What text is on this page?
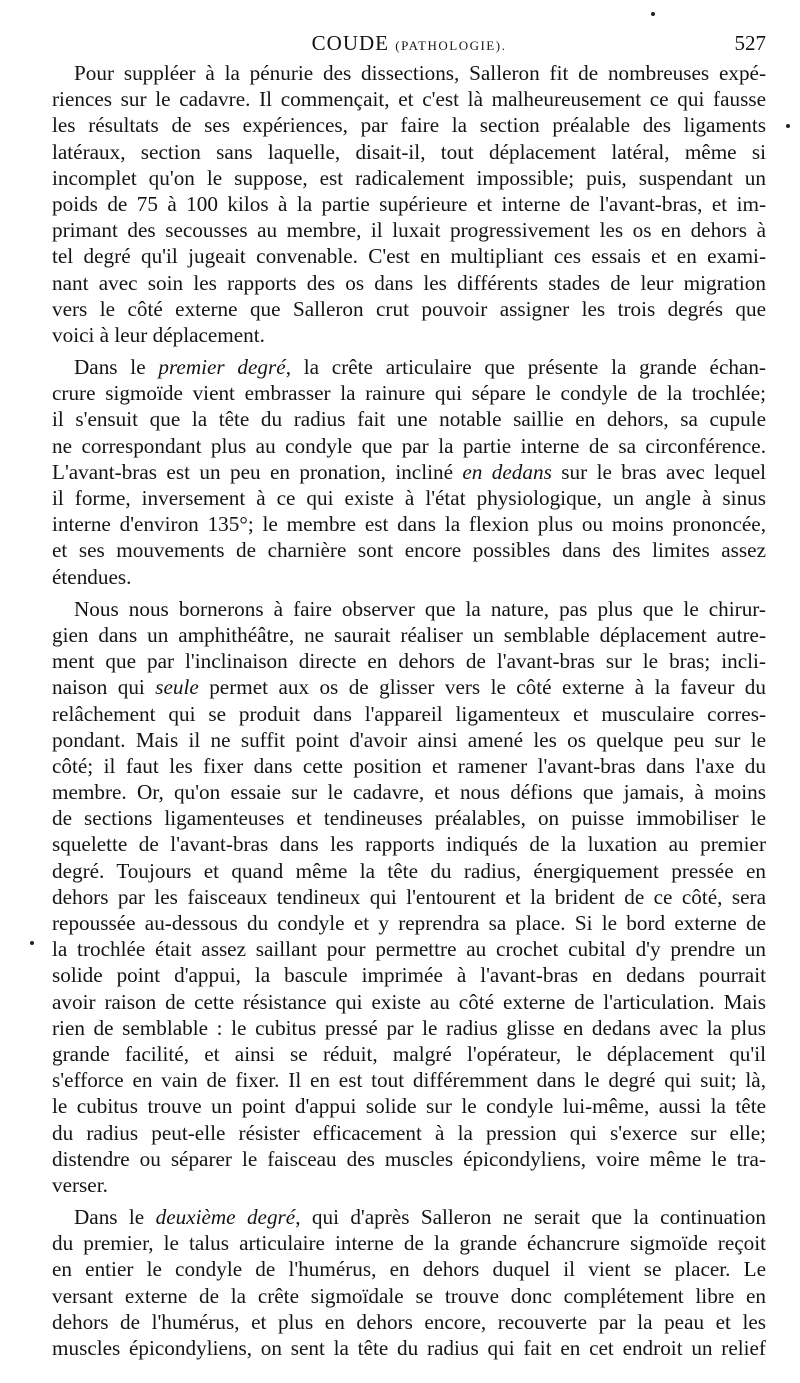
COUDE (PATHOLOGIE).	527

Pour suppléer à la pénurie des dissections, Salleron fit de nombreuses expé-
riences sur le cadavre. Il commençait, et c'est là malheureusement ce qui fausse
les résultats de ses expériences, par faire la section préalable des ligaments
latéraux, section sans laquelle, disait-il, tout déplacement latéral, même si
incomplet qu'on le suppose, est radicalement impossible; puis, suspendant un
poids de 75 à 100 kilos à la partie supérieure et interne de l'avant-bras, et im-
primant des secousses au membre, il luxait progressivement les os en dehors à
tel degré qu'il jugeait convenable. C'est en multipliant ces essais et en exami-
nant avec soin les rapports des os dans les différents stades de leur migration
vers le côté externe que Salleron crut pouvoir assigner les trois degrés que
voici à leur déplacement.

Dans le premier degré, la crête articulaire que présente la grande échan-
crure sigmoïde vient embrasser la rainure qui sépare le condyle de la trochlée;
il s'ensuit que la tête du radius fait une notable saillie en dehors, sa cupule
ne correspondant plus au condyle que par la partie interne de sa circonférence.
L'avant-bras est un peu en pronation, incliné en dedans sur le bras avec lequel
il forme, inversement à ce qui existe à l'état physiologique, un angle à sinus
interne d'environ 135°; le membre est dans la flexion plus ou moins prononcée,
et ses mouvements de charnière sont encore possibles dans des limites assez
étendues.

Nous nous bornerons à faire observer que la nature, pas plus que le chirur-
gien dans un amphithéâtre, ne saurait réaliser un semblable déplacement autre-
ment que par l'inclinaison directe en dehors de l'avant-bras sur le bras; incli-
naison qui seule permet aux os de glisser vers le côté externe à la faveur du
relâchement qui se produit dans l'appareil ligamenteux et musculaire corres-
pondant. Mais il ne suffit point d'avoir ainsi amené les os quelque peu sur le
côté; il faut les fixer dans cette position et ramener l'avant-bras dans l'axe du
membre. Or, qu'on essaie sur le cadavre, et nous défions que jamais, à moins
de sections ligamenteuses et tendineuses préalables, on puisse immobiliser le
squelette de l'avant-bras dans les rapports indiqués de la luxation au premier
degré. Toujours et quand même la tête du radius, énergiquement pressée en
dehors par les faisceaux tendineux qui l'entourent et la brident de ce côté, sera
repoussée au-dessous du condyle et y reprendra sa place. Si le bord externe de
la trochlée était assez saillant pour permettre au crochet cubital d'y prendre un
solide point d'appui, la bascule imprimée à l'avant-bras en dedans pourrait
avoir raison de cette résistance qui existe au côté externe de l'articulation. Mais
rien de semblable : le cubitus pressé par le radius glisse en dedans avec la plus
grande facilité, et ainsi se réduit, malgré l'opérateur, le déplacement qu'il
s'efforce en vain de fixer. Il en est tout différemment dans le degré qui suit; là,
le cubitus trouve un point d'appui solide sur le condyle lui-même, aussi la tête
du radius peut-elle résister efficacement à la pression qui s'exerce sur elle;
distendre ou séparer le faisceau des muscles épicondyliens, voire même le tra-
verser.

Dans le deuxième degré, qui d'après Salleron ne serait que la continuation
du premier, le talus articulaire interne de la grande échancrure sigmoïde reçoit
en entier le condyle de l'humérus, en dehors duquel il vient se placer. Le
versant externe de la crête sigmoïdale se trouve donc complétement libre en
dehors de l'humérus, et plus en dehors encore, recouverte par la peau et les
muscles épicondyliens, on sent la tête du radius qui fait en cet endroit un relief
